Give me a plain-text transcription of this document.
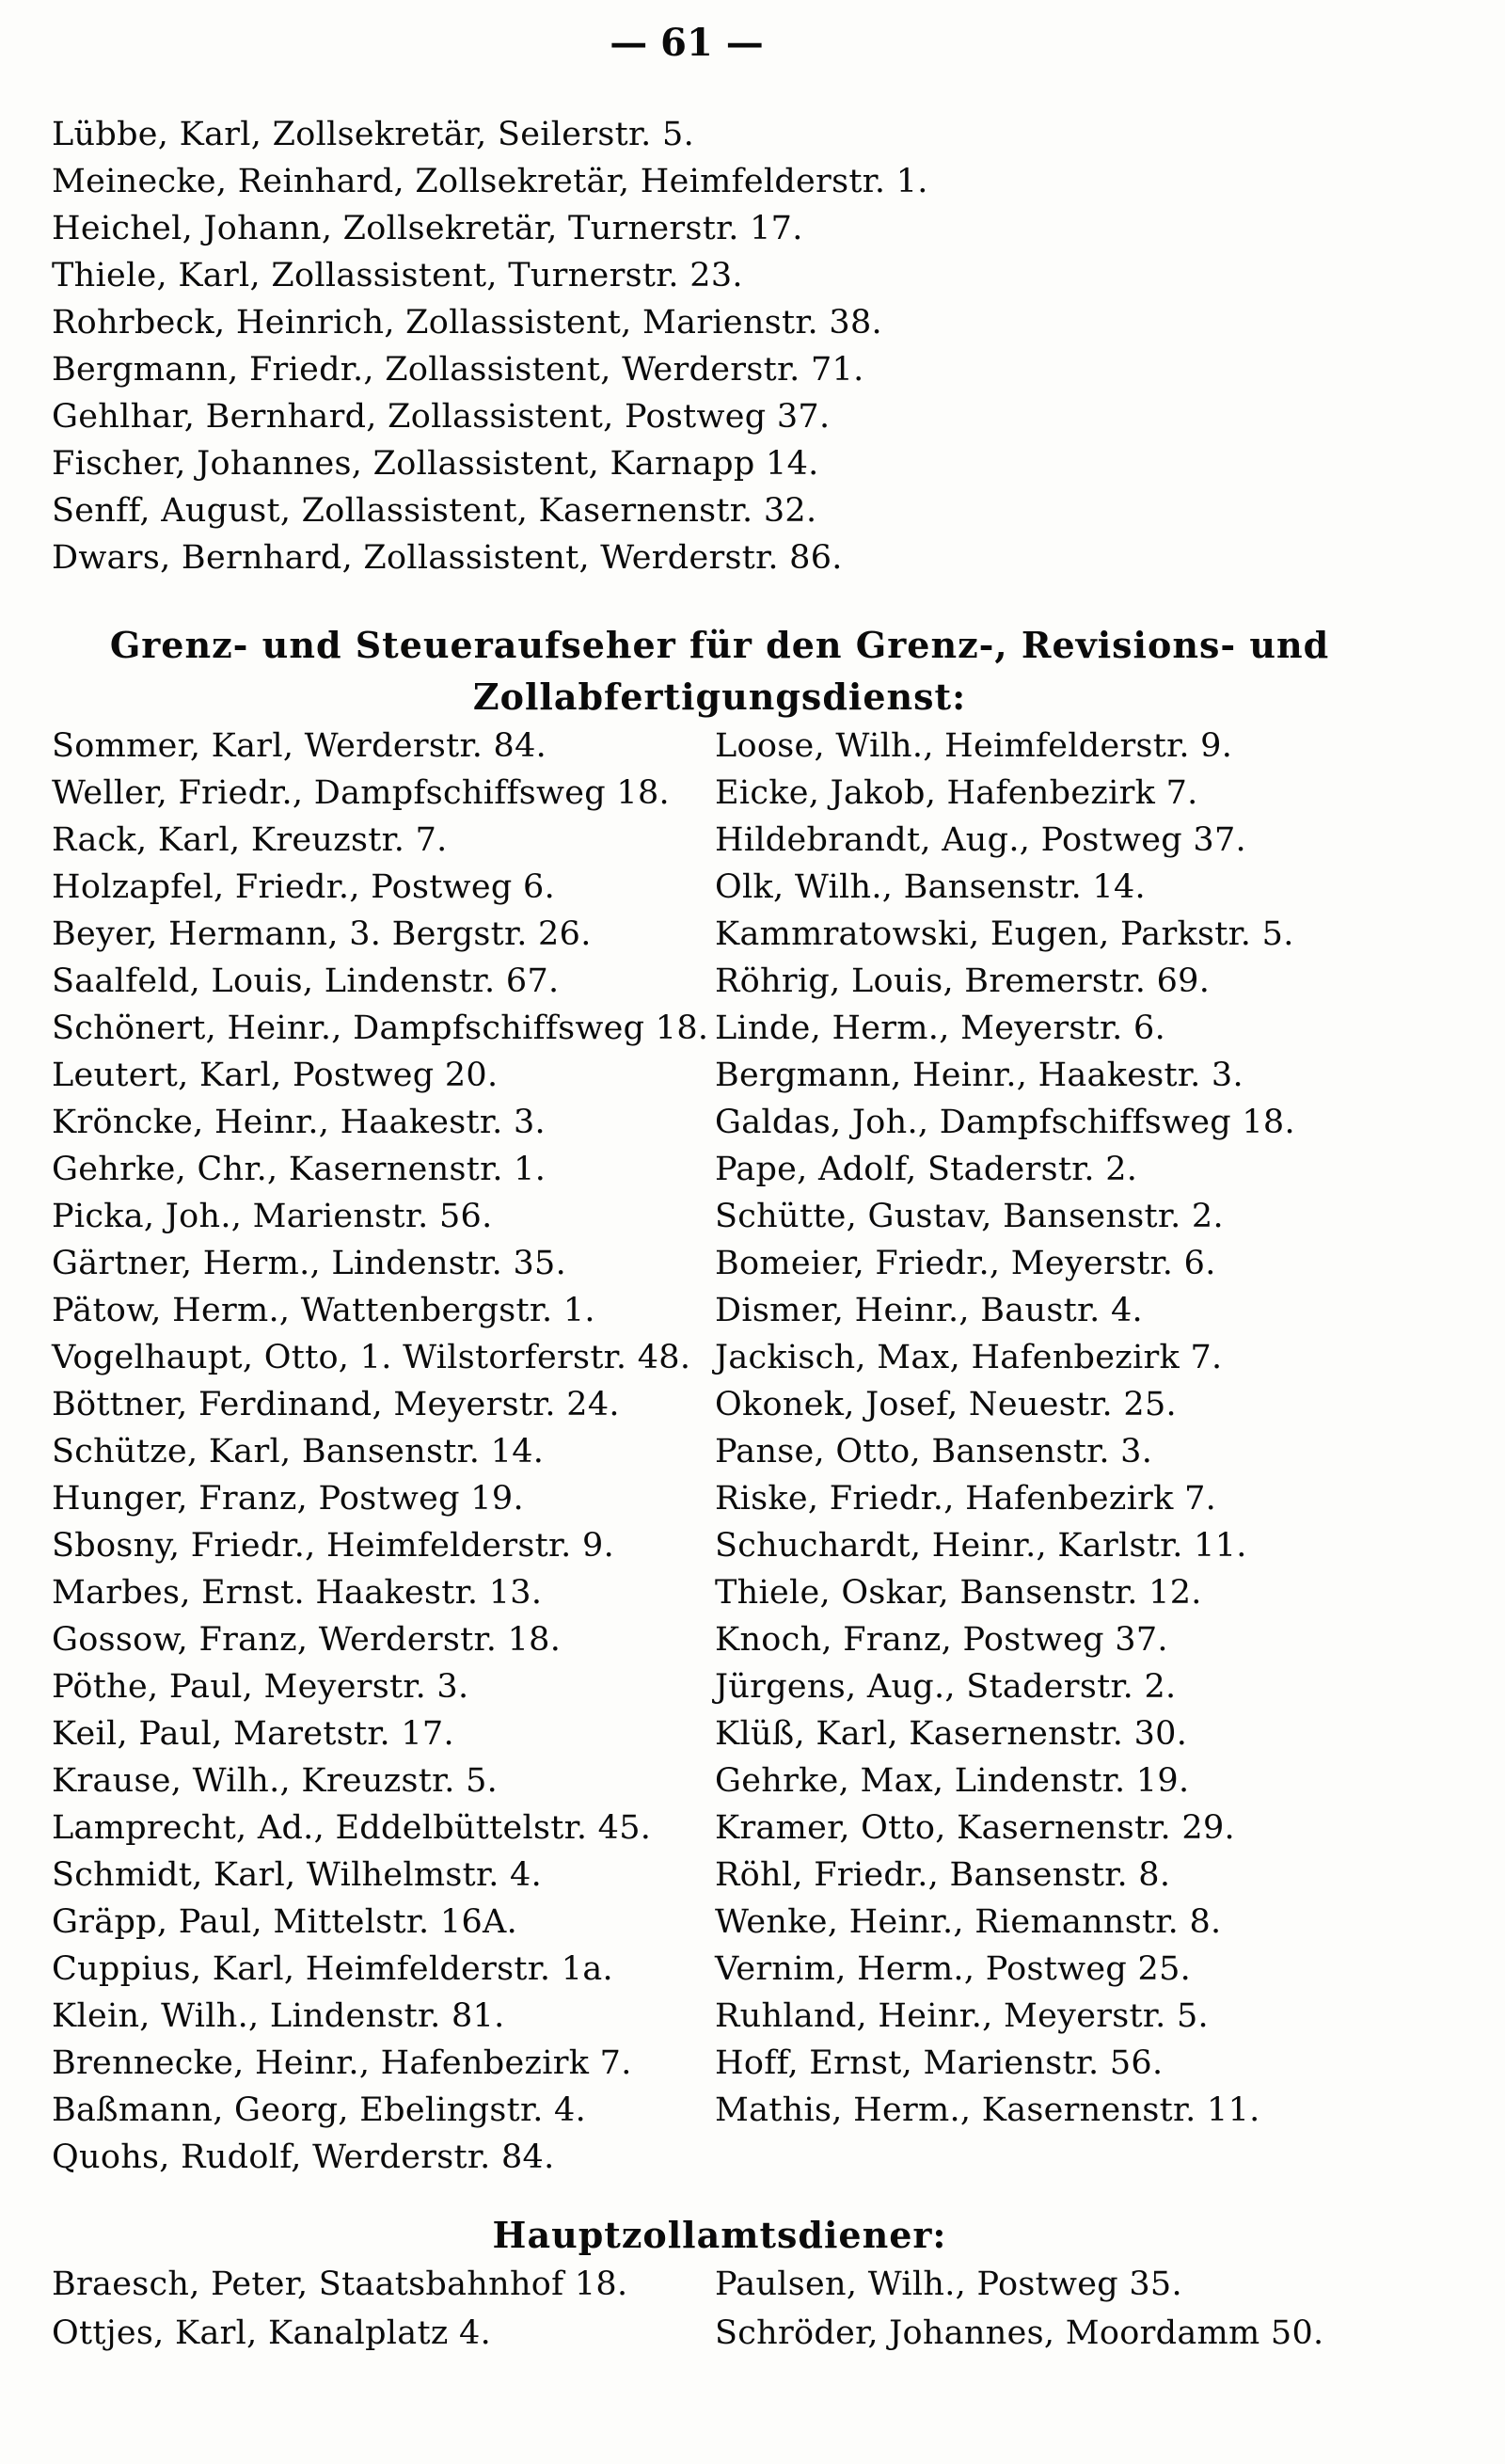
— 61 —
Lübbe, Karl, Zollsekretär, Seilerstr. 5.
Meinecke, Reinhard, Zollsekretär, Heimfelderstr. 1.
Heichel, Johann, Zollsekretär, Turnerstr. 17.
Thiele, Karl, Zollassistent, Turnerstr. 23.
Rohrbeck, Heinrich, Zollassistent, Marienstr. 38.
Bergmann, Friedr., Zollassistent, Werderstr. 71.
Gehlhar, Bernhard, Zollassistent, Postweg 37.
Fischer, Johannes, Zollassistent, Karnapp 14.
Senff, August, Zollassistent, Kasernenstr. 32.
Dwars, Bernhard, Zollassistent, Werderstr. 86.
Grenz- und Steueraufseher für den Grenz-, Revisions- und
Zollabfertigungsdienst:
Sommer, Karl, Werderstr. 84.
Weller, Friedr., Dampfschiffsweg 18.
Rack, Karl, Kreuzstr. 7.
Holzapfel, Friedr., Postweg 6.
Beyer, Hermann, 3. Bergstr. 26.
Saalfeld, Louis, Lindenstr. 67.
Schönert, Heinr., Dampfschiffsweg 18.
Leutert, Karl, Postweg 20.
Kröncke, Heinr., Haakestr. 3.
Gehrke, Chr., Kasernenstr. 1.
Picka, Joh., Marienstr. 56.
Gärtner, Herm., Lindenstr. 35.
Pätow, Herm., Wattenbergstr. 1.
Vogelhaupt, Otto, 1. Wilstorferstr. 48.
Böttner, Ferdinand, Meyerstr. 24.
Schütze, Karl, Bansenstr. 14.
Hunger, Franz, Postweg 19.
Sbosny, Friedr., Heimfelderstr. 9.
Marbes, Ernst. Haakestr. 13.
Gossow, Franz, Werderstr. 18.
Pöthe, Paul, Meyerstr. 3.
Keil, Paul, Maretstr. 17.
Krause, Wilh., Kreuzstr. 5.
Lamprecht, Ad., Eddelbüttelstr. 45.
Schmidt, Karl, Wilhelmstr. 4.
Gräpp, Paul, Mittelstr. 16A.
Cuppius, Karl, Heimfelderstr. 1a.
Klein, Wilh., Lindenstr. 81.
Brennecke, Heinr., Hafenbezirk 7.
Baßmann, Georg, Ebelingstr. 4.
Quohs, Rudolf, Werderstr. 84.
Loose, Wilh., Heimfelderstr. 9.
Eicke, Jakob, Hafenbezirk 7.
Hildebrandt, Aug., Postweg 37.
Olk, Wilh., Bansenstr. 14.
Kammratowski, Eugen, Parkstr. 5.
Röhrig, Louis, Bremerstr. 69.
Linde, Herm., Meyerstr. 6.
Bergmann, Heinr., Haakestr. 3.
Galdas, Joh., Dampfschiffsweg 18.
Pape, Adolf, Staderstr. 2.
Schütte, Gustav, Bansenstr. 2.
Bomeier, Friedr., Meyerstr. 6.
Dismer, Heinr., Baustr. 4.
Jackisch, Max, Hafenbezirk 7.
Okonek, Josef, Neuestr. 25.
Panse, Otto, Bansenstr. 3.
Riske, Friedr., Hafenbezirk 7.
Schuchardt, Heinr., Karlstr. 11.
Thiele, Oskar, Bansenstr. 12.
Knoch, Franz, Postweg 37.
Jürgens, Aug., Staderstr. 2.
Klüß, Karl, Kasernenstr. 30.
Gehrke, Max, Lindenstr. 19.
Kramer, Otto, Kasernenstr. 29.
Röhl, Friedr., Bansenstr. 8.
Wenke, Heinr., Riemannstr. 8.
Vernim, Herm., Postweg 25.
Ruhland, Heinr., Meyerstr. 5.
Hoff, Ernst, Marienstr. 56.
Mathis, Herm., Kasernenstr. 11.
Hauptzollamtsdiener:
Braesch, Peter, Staatsbahnhof 18.
Ottjes, Karl, Kanalplatz 4.
Paulsen, Wilh., Postweg 35.
Schröder, Johannes, Moordamm 50.
